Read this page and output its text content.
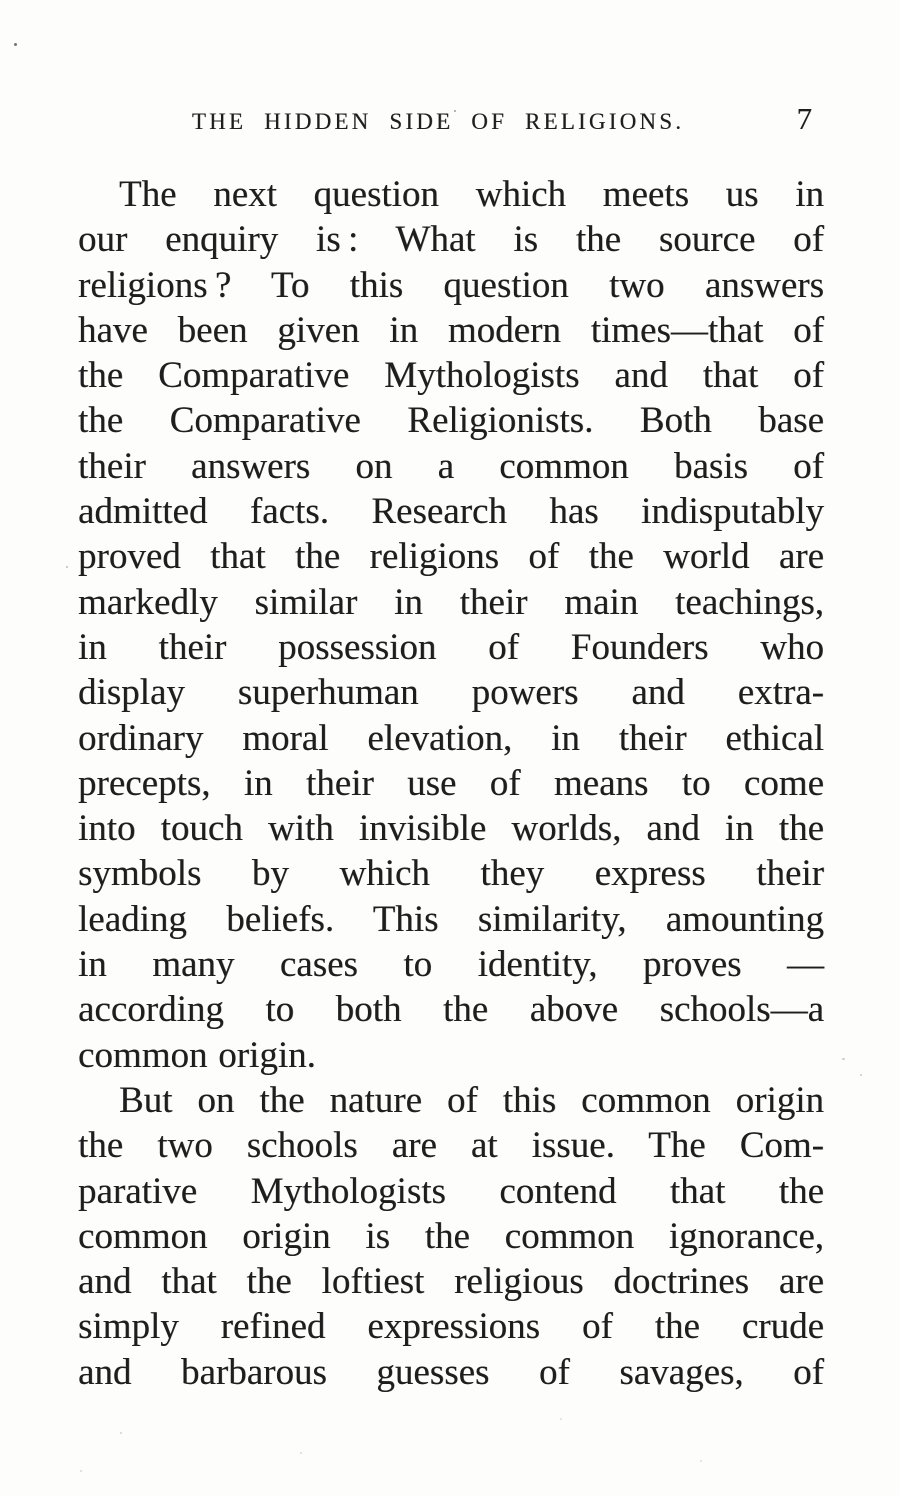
THE HIDDEN SIDE OF RELIGIONS.	7
The next question which meets us in
our enquiry is : What is the source of
religions ? To this question two answers
have been given in modern times—that of
the Comparative Mythologists and that of
the Comparative Religionists. Both base
their answers on a common basis of
admitted facts. Research has indisputably
proved that the religions of the world are
markedly similar in their main teachings,
in their possession of Founders who
display superhuman powers and extra-
ordinary moral elevation, in their ethical
precepts, in their use of means to come
into touch with invisible worlds, and in the
symbols by which they express their
leading beliefs. This similarity, amounting
in many cases to identity, proves —
according to both the above schools—a
common origin.
But on the nature of this common origin
the two schools are at issue. The Com-
parative Mythologists contend that the
common origin is the common ignorance,
and that the loftiest religious doctrines are
simply refined expressions of the crude
and barbarous guesses of savages, of
